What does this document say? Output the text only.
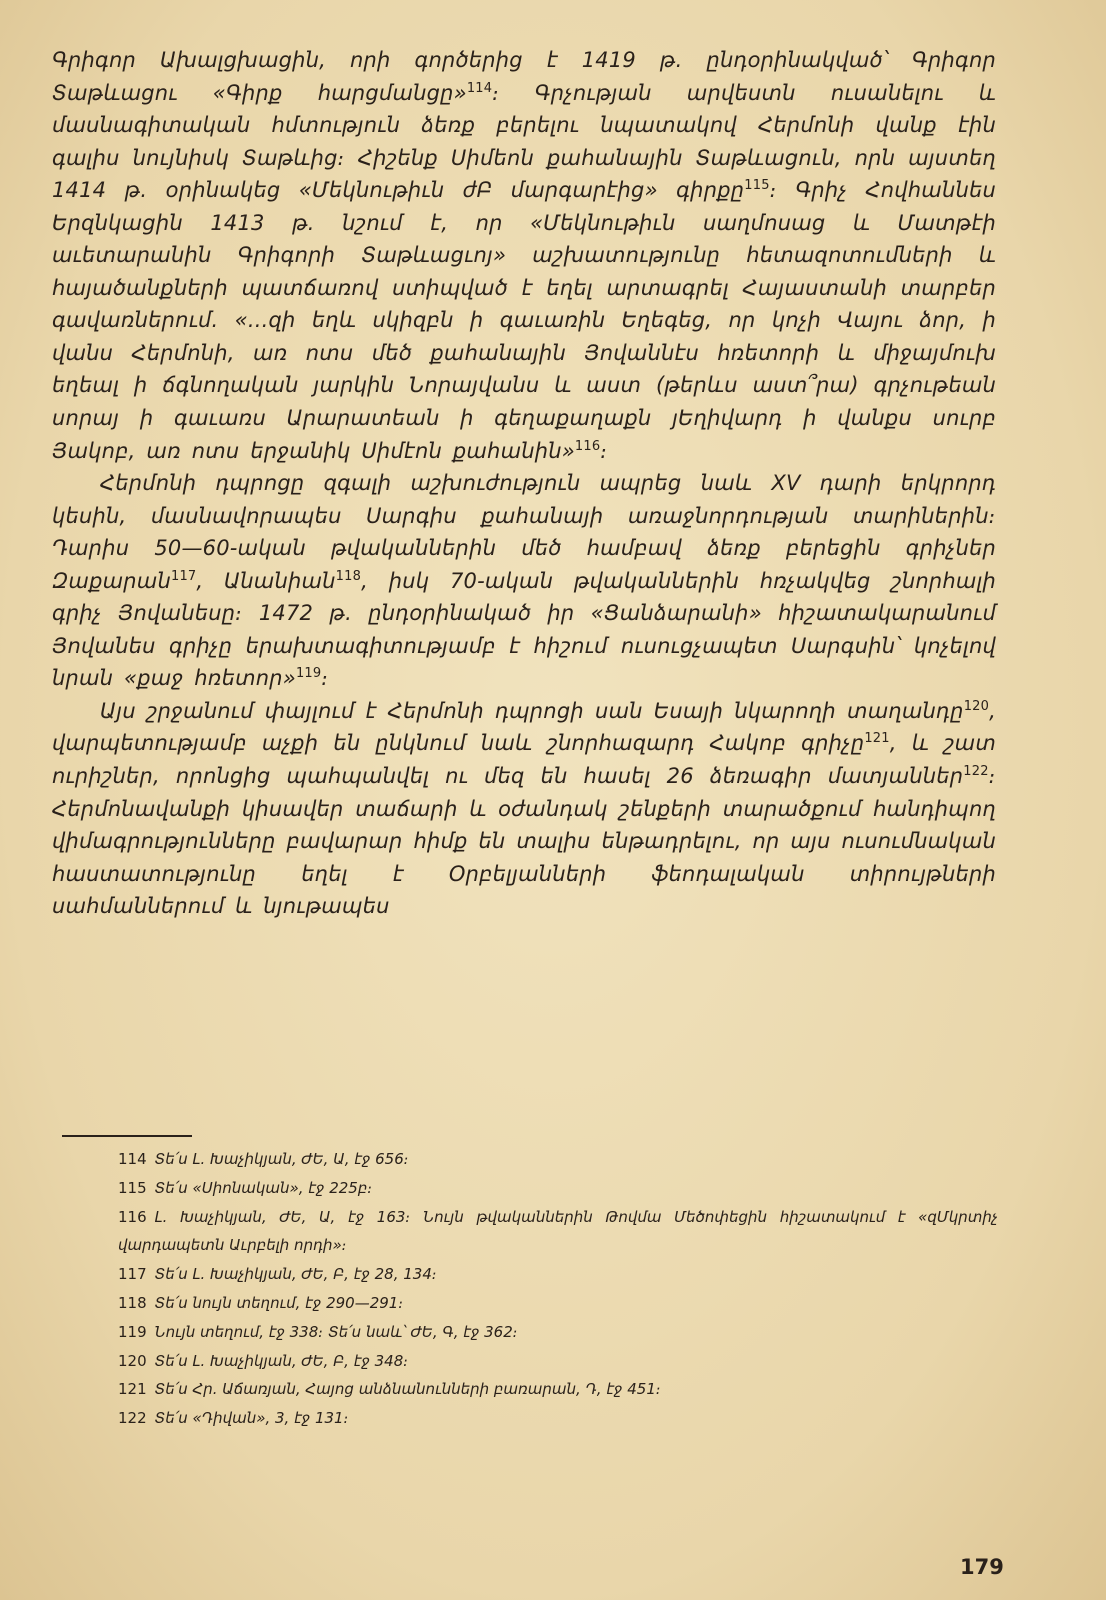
Գրիգոր Ախալցխացին, որի գործերից է 1419 թ. ընդօրինակված՝ Գրիգոր Տաթևացու «Գիրք հարցմանցը»$^{114}$։ Գրչության արվեստն ուսանելու և մասնագիտական հմտություն ձեռք բերելու նպատակով Հերմոնի վանք էին գալիս նույնիսկ Տաթևից։ Հիշենք Սիմեոն քահանային Տաթևացուն, որն այստեղ 1414 թ. օրինակեց «Մեկնութիւն ժԲ մարգարէից» գիրքը$^{115}$։ Գրիչ Հովհաննես Երզնկացին 1413 թ. նշում է, որ «Մեկնութիւն սաղմոսաց և Մատթէի աւետարանին Գրիգորի Տաթևացւոյ» աշխատությունը հետազոտումների և հայածանքների պատճառով ստիպված է եղել արտագրել Հայաստանի տարբեր գավառներում. «...զի եղև սկիզբն ի գաւառին Եղեգեց, որ կոչի Վայու ձոր, ի վանս Հերմոնի, առ ոտս մեծ քահանային Յովաննէս հռետորի և միջայմուխ եղեալ ի ճգնողական յարկին Նորայվանս և աստ (թերևս աստ՞րա) գրչութեան սորայ ի գաւառս Արարատեան ի գեղաքաղաքն յԵղիվարդ ի վանքս սուրբ Յակոբ, առ ոտս երջանիկ Սիմէոն քահանին»$^{116}$։

Հերմոնի դպրոցը զգալի աշխուժություն ապրեց նաև XV դարի երկրորդ կեսին, մասնավորապես Սարգիս քահանայի առաջնորդության տարիներին։ Դարիս 50—60-ական թվականներին մեծ համբավ ձեռք բերեցին գրիչներ Զաքարան$^{117}$, Անանիան$^{118}$, իսկ 70-ական թվականներին հռչակվեց շնորհալի գրիչ Յովանեսը։ 1472 թ. ընդօրինակած իր «Ցանձարանի» հիշատակարանում Յովանես գրիչը երախտագիտությամբ է հիշում ուսուցչապետ Սարգսին՝ կոչելով նրան «քաջ հռետոր»$^{119}$։

Այս շրջանում փայլում է Հերմոնի դպրոցի սան Եսայի նկարողի տաղանդը$^{120}$, վարպետությամբ աչքի են ընկնում նաև շնորհազարդ Հակոբ գրիչը$^{121}$, և շատ ուրիշներ, որոնցից պահպանվել ու մեզ են հասել 26 ձեռագիր մատյաններ$^{122}$։ Հերմոնավանքի կիսավեր տաճարի և օժանդակ շենքերի տարածքում հանդիպող վիմագրությունները բավարար հիմք են տալիս ենթադրելու, որ այս ուսումնական հաստատությունը եղել է Օրբելյանների ֆեոդալական տիրույթների սահմաններում և նյութապես

114 Տե՛ս Լ. Խաչիկյան, ԺԵ, Ա, էջ 656։
115 Տե՛ս «Սիոնական», էջ 225բ։
116 Լ. Խաչիկյան, ԺԵ, Ա, էջ 163։ Նույն թվականներին Թովմա Մեծոփեցին հիշատակում է «զՄկրտիչ վարդապետն Աւրբելի որդի»։
117 Տե՛ս Լ. Խաչիկյան, ԺԵ, Բ, էջ 28, 134։
118 Տե՛ս նույն տեղում, էջ 290—291։
119 Նույն տեղում, էջ 338։ Տե՛ս նաև՝ ԺԵ, Գ, էջ 362։
120 Տե՛ս Լ. Խաչիկյան, ԺԵ, Բ, էջ 348։
121 Տե՛ս Հր. Աճառյան, Հայոց անձնանունների բառարան, Դ, էջ 451։
122 Տե՛ս «Դիվան», 3, էջ 131։
179
